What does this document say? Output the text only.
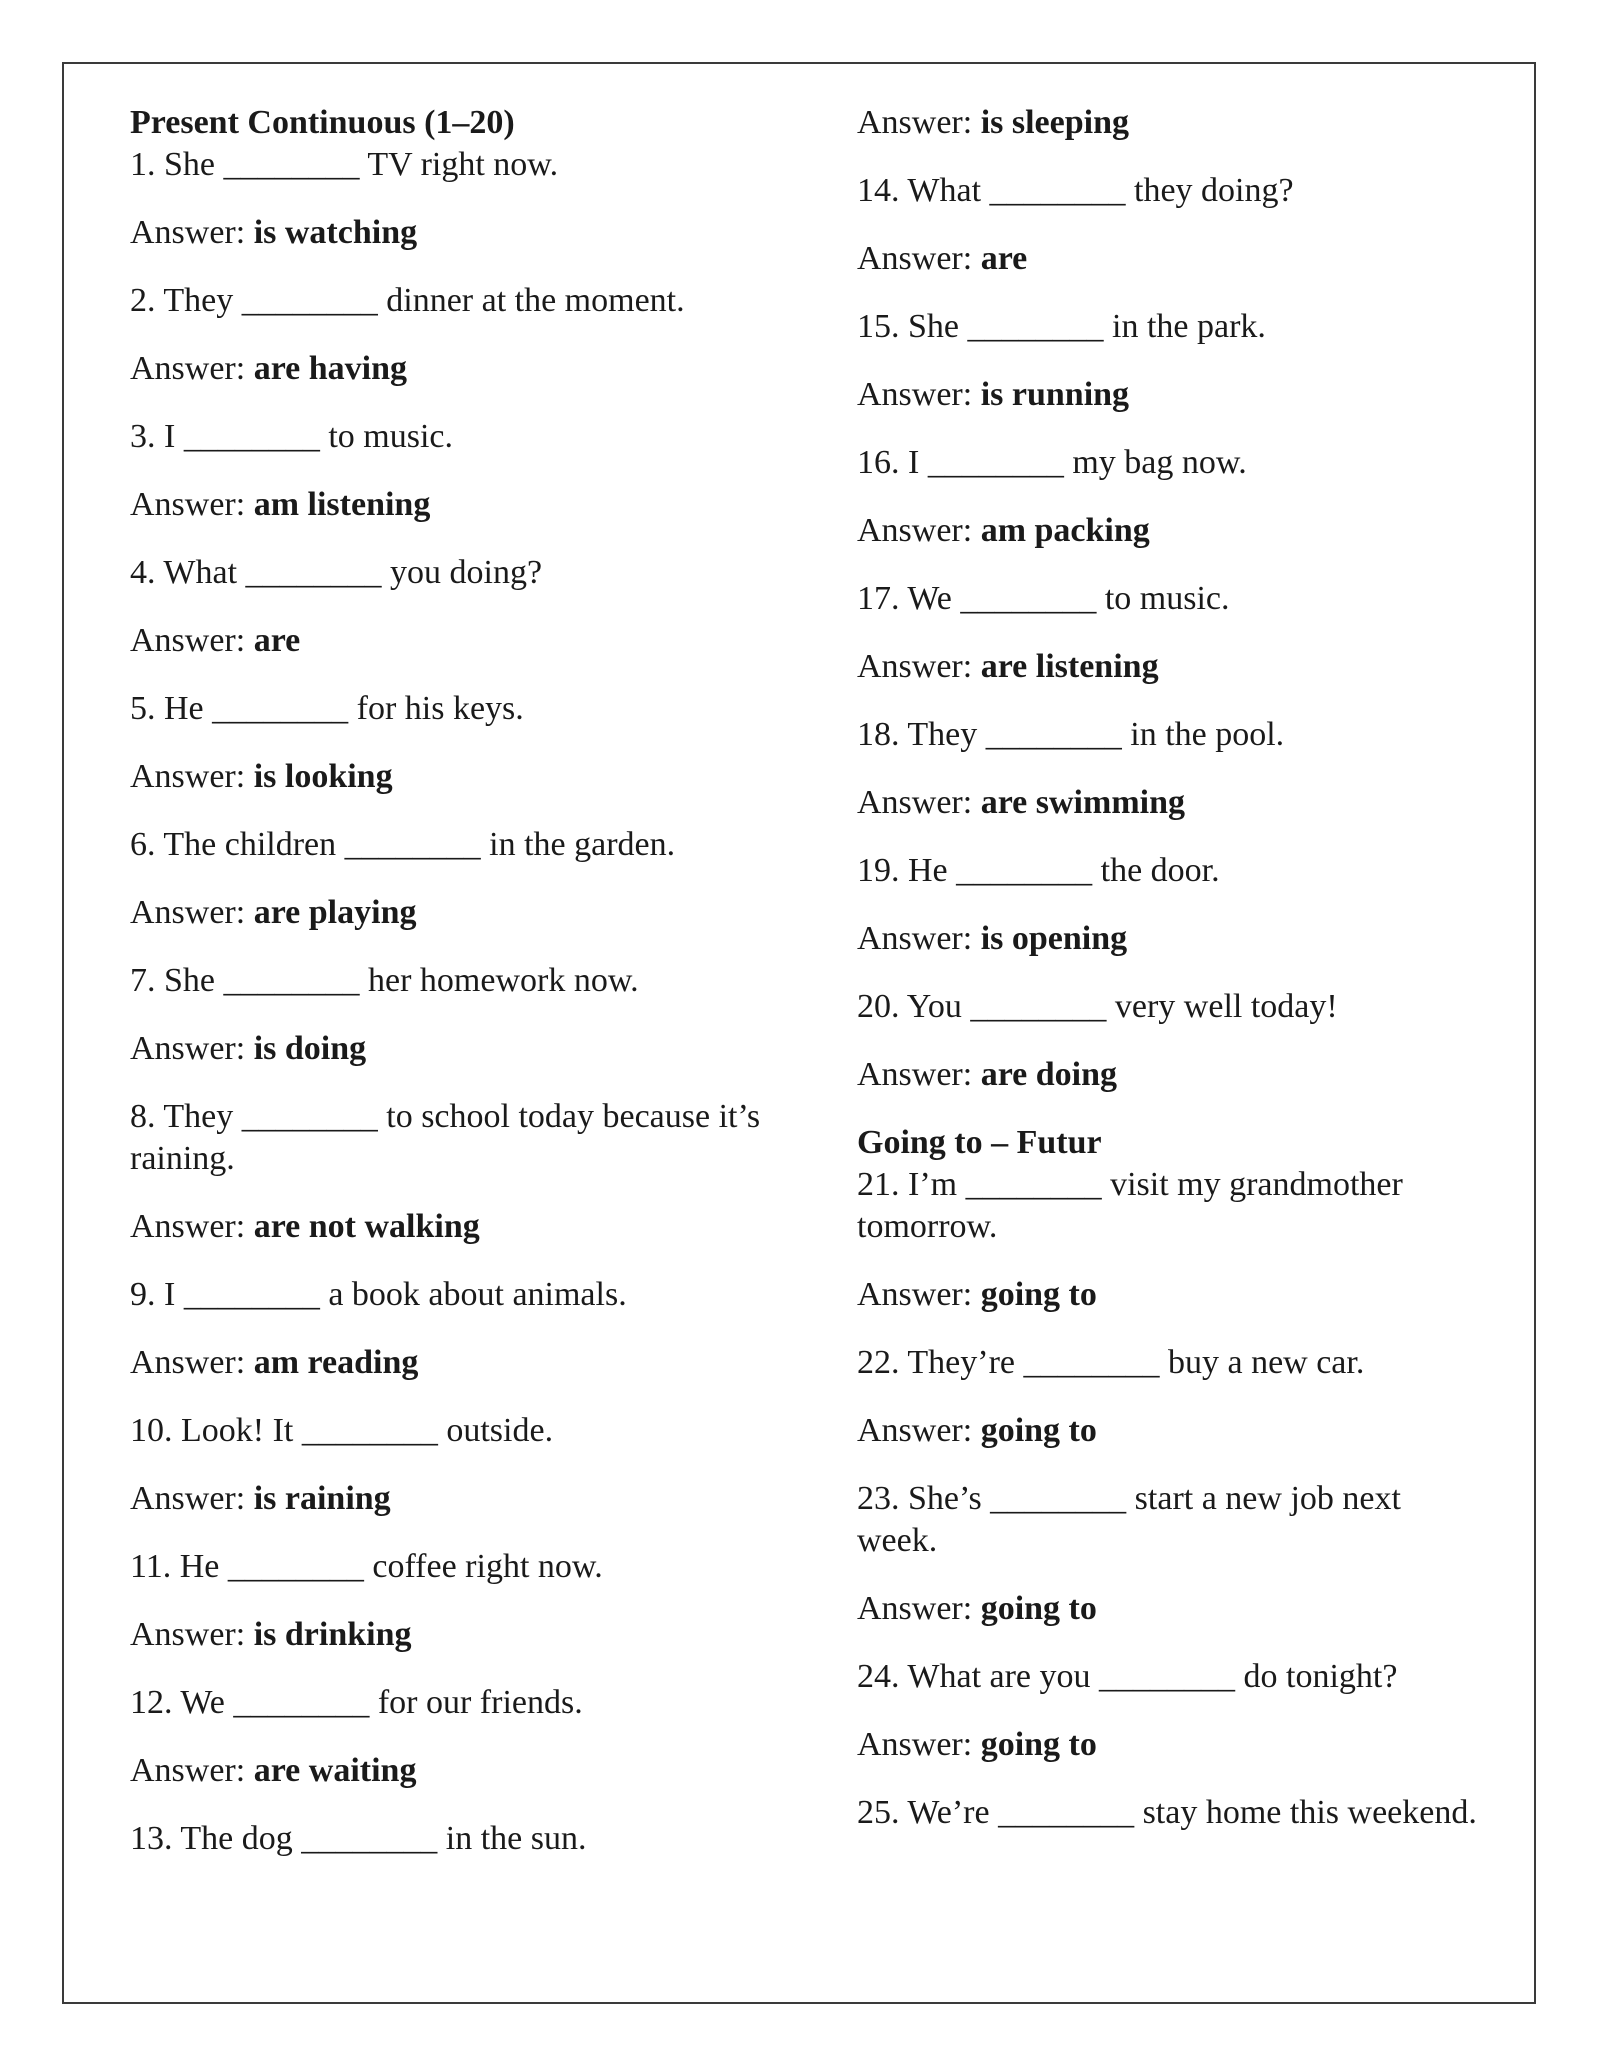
Present Continuous (1–20)

1. She ________ TV right now.

Answer: is watching

2. They ________ dinner at the moment.

Answer: are having

3. I ________ to music.

Answer: am listening

4. What ________ you doing?

Answer: are

5. He ________ for his keys.

Answer: is looking

6. The children ________ in the garden.

Answer: are playing

7. She ________ her homework now.

Answer: is doing

8. They ________ to school today because it’s raining.

Answer: are not walking

9. I ________ a book about animals.

Answer: am reading

10. Look! It ________ outside.

Answer: is raining

11. He ________ coffee right now.

Answer: is drinking

12. We ________ for our friends.

Answer: are waiting

13. The dog ________ in the sun.

Answer: is sleeping

14. What ________ they doing?

Answer: are

15. She ________ in the park.

Answer: is running

16. I ________ my bag now.

Answer: am packing

17. We ________ to music.

Answer: are listening

18. They ________ in the pool.

Answer: are swimming

19. He ________ the door.

Answer: is opening

20. You ________ very well today!

Answer: are doing

Going to – Futur

21. I’m ________ visit my grandmother tomorrow.

Answer: going to

22. They’re ________ buy a new car.

Answer: going to

23. She’s ________ start a new job next week.

Answer: going to

24. What are you ________ do tonight?

Answer: going to

25. We’re ________ stay home this weekend.
